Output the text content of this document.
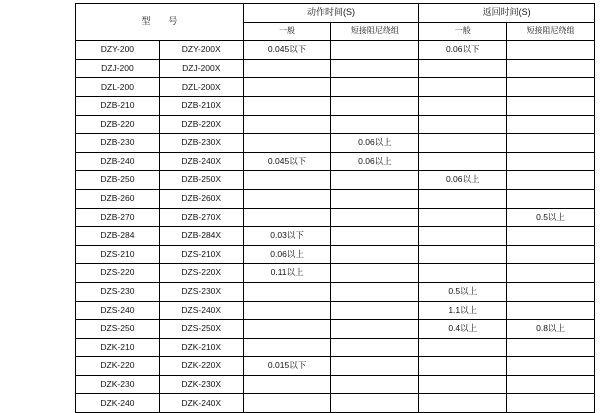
型　　号		动作时间(S)		返回时间(S)	
		一般	短接阻尼绕组	一般	短接阻尼绕组
DZY-200	DZY-200X	0.045以下		0.06以下	
DZJ-200	DZJ-200X				
DZL-200	DZL-200X				
DZB-210	DZB-210X				
DZB-220	DZB-220X				
DZB-230	DZB-230X		0.06以上		
DZB-240	DZB-240X	0.045以下	0.06以上		
DZB-250	DZB-250X			0.06以上	
DZB-260	DZB-260X				
DZB-270	DZB-270X				0.5以上
DZB-284	DZB-284X	0.03以下			
DZS-210	DZS-210X	0.06以上			
DZS-220	DZS-220X	0.11以上			
DZS-230	DZS-230X			0.5以上	
DZS-240	DZS-240X			1.1以上	
DZS-250	DZS-250X			0.4以上	0.8以上
DZK-210	DZK-210X				
DZK-220	DZK-220X	0.015以下			
DZK-230	DZK-230X				
DZK-240	DZK-240X				
